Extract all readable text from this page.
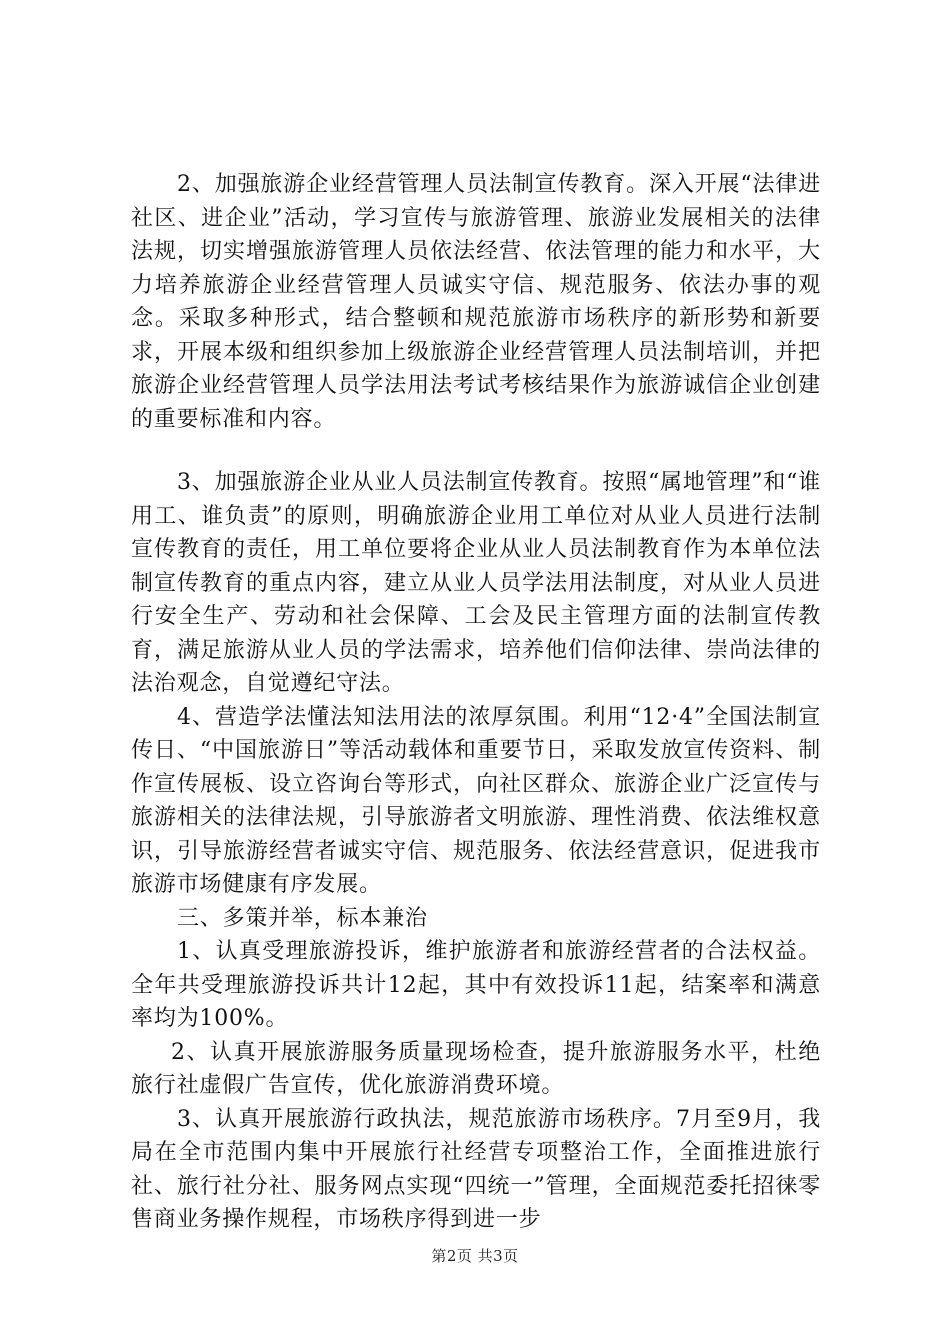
2、加强旅游企业经营管理人员法制宣传教育。深入开展“法律进社区、进企业”活动，学习宣传与旅游管理、旅游业发展相关的法律法规，切实增强旅游管理人员依法经营、依法管理的能力和水平，大力培养旅游企业经营管理人员诚实守信、规范服务、依法办事的观念。采取多种形式，结合整顿和规范旅游市场秩序的新形势和新要求，开展本级和组织参加上级旅游企业经营管理人员法制培训，并把旅游企业经营管理人员学法用法考试考核结果作为旅游诚信企业创建的重要标准和内容。

3、加强旅游企业从业人员法制宣传教育。按照“属地管理”和“谁用工、谁负责”的原则，明确旅游企业用工单位对从业人员进行法制宣传教育的责任，用工单位要将企业从业人员法制教育作为本单位法制宣传教育的重点内容，建立从业人员学法用法制度，对从业人员进行安全生产、劳动和社会保障、工会及民主管理方面的法制宣传教育，满足旅游从业人员的学法需求，培养他们信仰法律、崇尚法律的法治观念，自觉遵纪守法。

4、营造学法懂法知法用法的浓厚氛围。利用“12·4”全国法制宣传日、“中国旅游日”等活动载体和重要节日，采取发放宣传资料、制作宣传展板、设立咨询台等形式，向社区群众、旅游企业广泛宣传与旅游相关的法律法规，引导旅游者文明旅游、理性消费、依法维权意识，引导旅游经营者诚实守信、规范服务、依法经营意识，促进我市旅游市场健康有序发展。

三、多策并举，标本兼治

1、认真受理旅游投诉，维护旅游者和旅游经营者的合法权益。全年共受理旅游投诉共计12起，其中有效投诉11起，结案率和满意率均为100%。

2、认真开展旅游服务质量现场检查，提升旅游服务水平，杜绝旅行社虚假广告宣传，优化旅游消费环境。

3、认真开展旅游行政执法，规范旅游市场秩序。7月至9月，我局在全市范围内集中开展旅行社经营专项整治工作，全面推进旅行社、旅行社分社、服务网点实现“四统一”管理，全面规范委托招徕零售商业务操作规程，市场秩序得到进一步

第2页 共3页
